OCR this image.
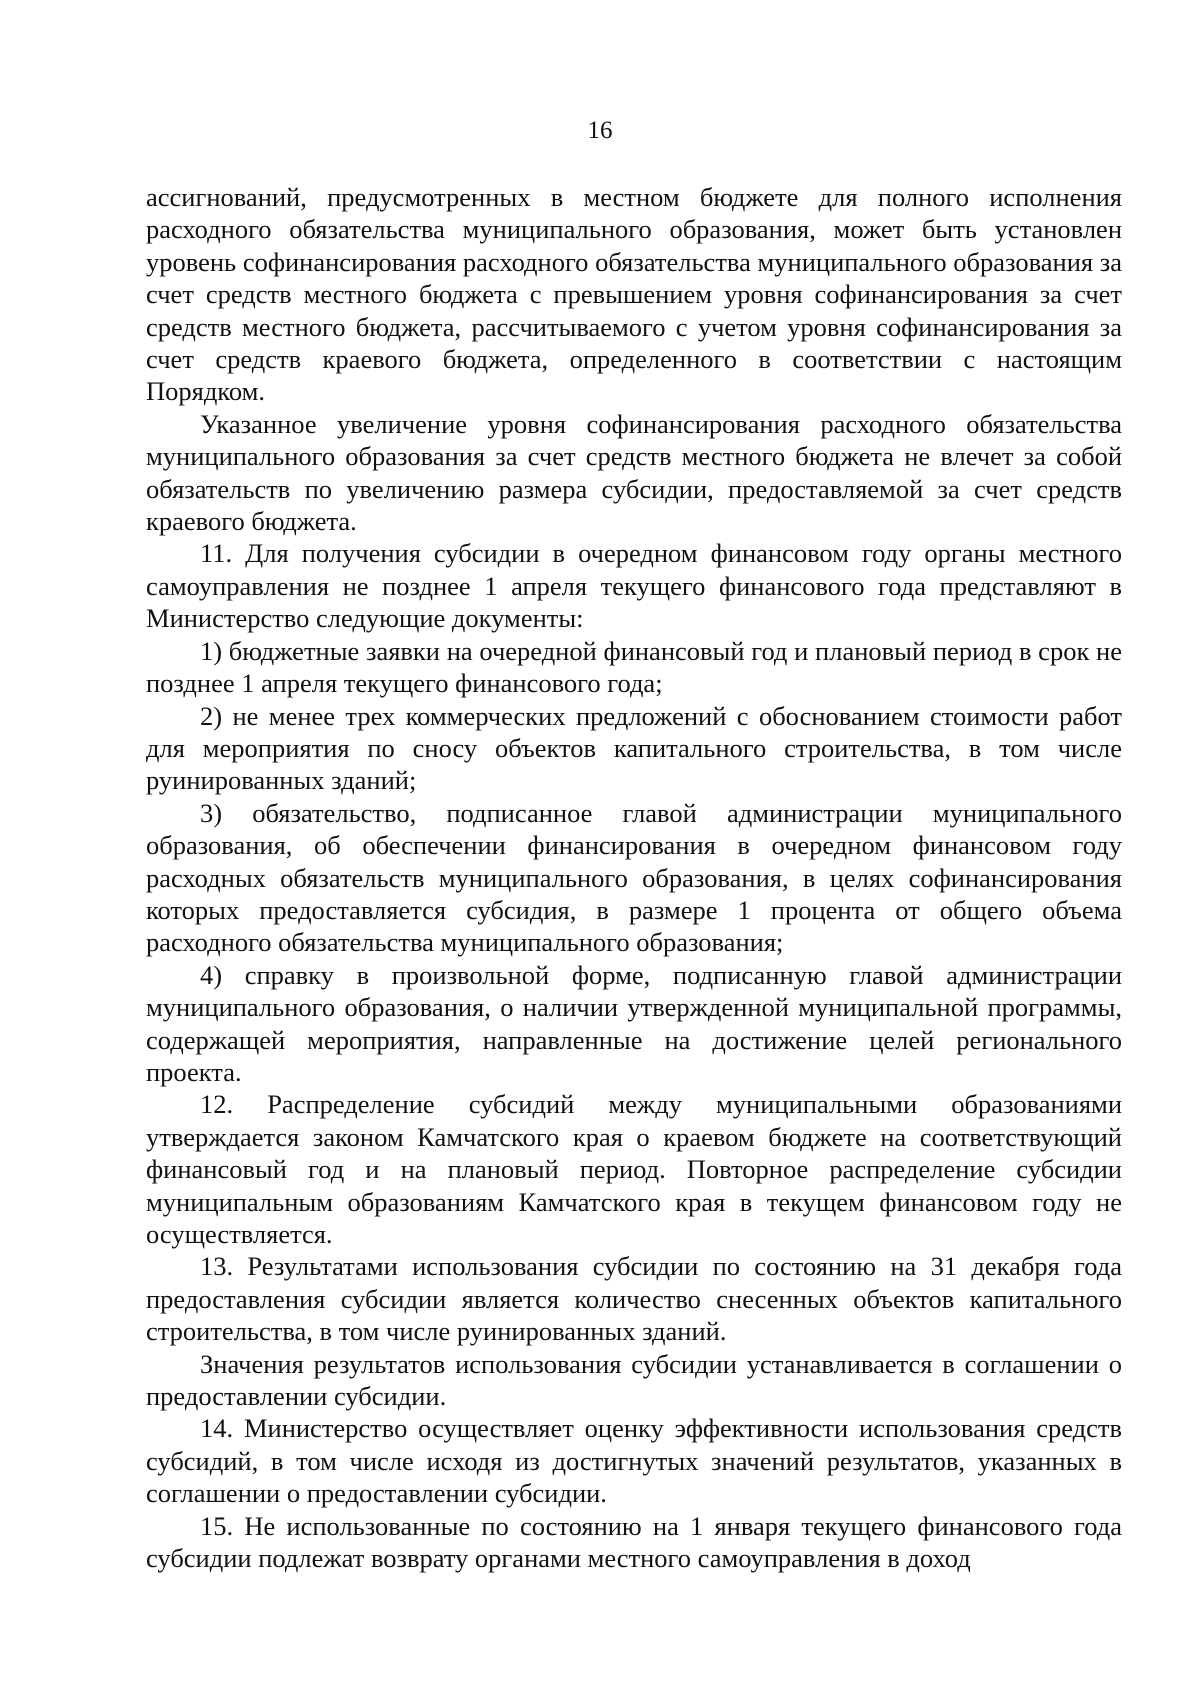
16

ассигнований, предусмотренных в местном бюджете для полного исполнения расходного обязательства муниципального образования, может быть установлен уровень софинансирования расходного обязательства муниципального образования за счет средств местного бюджета с превышением уровня софинансирования за счет средств местного бюджета, рассчитываемого с учетом уровня софинансирования за счет средств краевого бюджета, определенного в соответствии с настоящим Порядком.

Указанное увеличение уровня софинансирования расходного обязательства муниципального образования за счет средств местного бюджета не влечет за собой обязательств по увеличению размера субсидии, предоставляемой за счет средств краевого бюджета.

11. Для получения субсидии в очередном финансовом году органы местного самоуправления не позднее 1 апреля текущего финансового года представляют в Министерство следующие документы:

1) бюджетные заявки на очередной финансовый год и плановый период в срок не позднее 1 апреля текущего финансового года;

2) не менее трех коммерческих предложений с обоснованием стоимости работ для мероприятия по сносу объектов капитального строительства, в том числе руинированных зданий;

3) обязательство, подписанное главой администрации муниципального образования, об обеспечении финансирования в очередном финансовом году расходных обязательств муниципального образования, в целях софинансирования которых предоставляется субсидия, в размере 1 процента от общего объема расходного обязательства муниципального образования;

4) справку в произвольной форме, подписанную главой администрации муниципального образования, о наличии утвержденной муниципальной программы, содержащей мероприятия, направленные на достижение целей регионального проекта.

12. Распределение субсидий между муниципальными образованиями утверждается законом Камчатского края о краевом бюджете на соответствующий финансовый год и на плановый период. Повторное распределение субсидии муниципальным образованиям Камчатского края в текущем финансовом году не осуществляется.

13. Результатами использования субсидии по состоянию на 31 декабря года предоставления субсидии является количество снесенных объектов капитального строительства, в том числе руинированных зданий.

Значения результатов использования субсидии устанавливается в соглашении о предоставлении субсидии.

14. Министерство осуществляет оценку эффективности использования средств субсидий, в том числе исходя из достигнутых значений результатов, указанных в соглашении о предоставлении субсидии.

15. Не использованные по состоянию на 1 января текущего финансового года субсидии подлежат возврату органами местного самоуправления в доход
